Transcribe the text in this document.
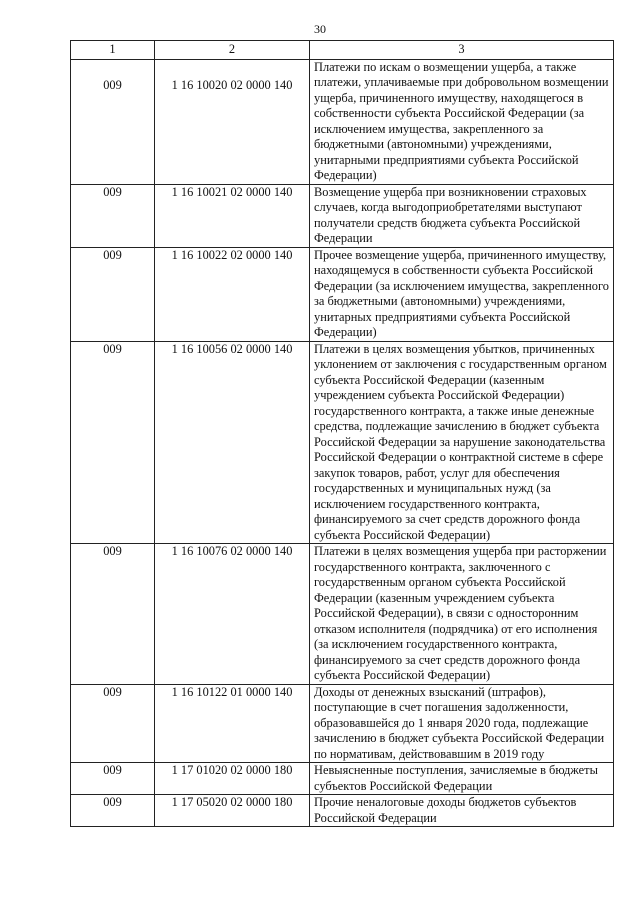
30
1	2	3
009	1 16 10020 02 0000 140	Платежи по искам о возмещении ущерба, а также платежи, уплачиваемые при добровольном возмещении ущерба, причиненного имуществу, находящегося в собственности субъекта Российской Федерации (за исключением имущества, закрепленного за бюджетными (автономными) учреждениями, унитарными предприятиями субъекта Российской Федерации)
009	1 16 10021 02 0000 140	Возмещение ущерба при возникновении страховых случаев, когда выгодоприобретателями выступают получатели средств бюджета субъекта Российской Федерации
009	1 16 10022 02 0000 140	Прочее возмещение ущерба, причиненного имуществу, находящемуся в собственности субъекта Российской Федерации (за исключением имущества, закрепленного за бюджетными (автономными) учреждениями, унитарных предприятиями субъекта Российской Федерации)
009	1 16 10056 02 0000 140	Платежи в целях возмещения убытков, причиненных уклонением от заключения с государственным органом субъекта Российской Федерации (казенным учреждением субъекта Российской Федерации) государственного контракта, а также иные денежные средства, подлежащие зачислению в бюджет субъекта Российской Федерации за нарушение законодательства Российской Федерации о контрактной системе в сфере закупок товаров, работ, услуг для обеспечения государственных и муниципальных нужд (за исключением государственного контракта, финансируемого за счет средств дорожного фонда субъекта Российской Федерации)
009	1 16 10076 02 0000 140	Платежи в целях возмещения ущерба при расторжении государственного контракта, заключенного с государственным органом субъекта Российской Федерации (казенным учреждением субъекта Российской Федерации), в связи с односторонним отказом исполнителя (подрядчика) от его исполнения (за исключением государственного контракта, финансируемого за счет средств дорожного фонда субъекта Российской Федерации)
009	1 16 10122 01 0000 140	Доходы от денежных взысканий (штрафов), поступающие в счет погашения задолженности, образовавшейся до 1 января 2020 года, подлежащие зачислению в бюджет субъекта Российской Федерации по нормативам, действовавшим в 2019 году
009	1 17 01020 02 0000 180	Невыясненные поступления, зачисляемые в бюджеты субъектов Российской Федерации
009	1 17 05020 02 0000 180	Прочие неналоговые доходы бюджетов субъектов Российской Федерации
